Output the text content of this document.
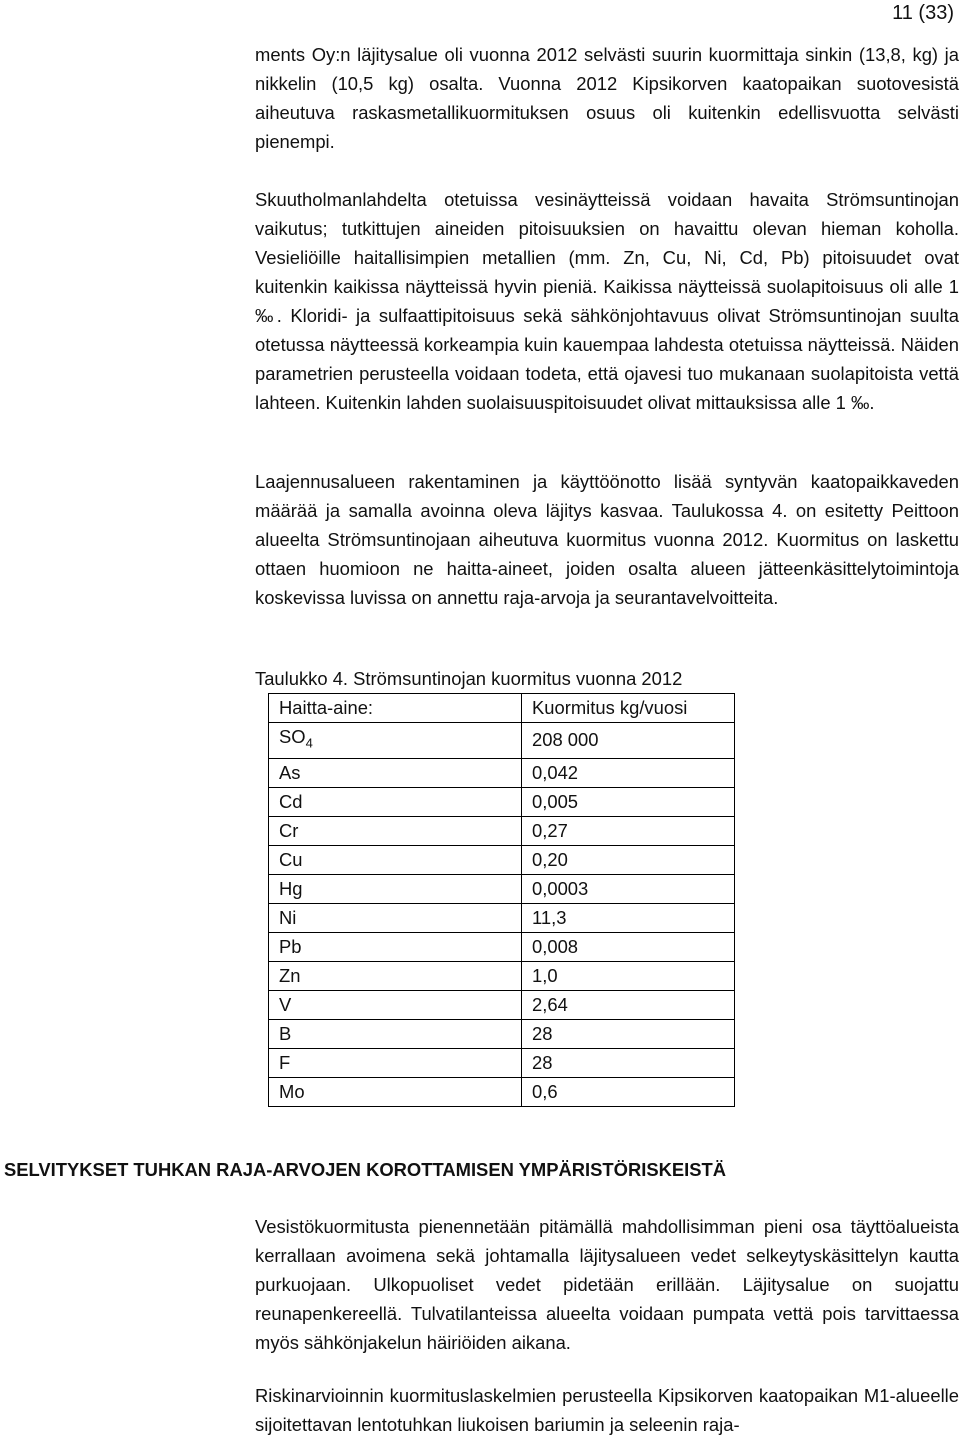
11 (33)

ments Oy:n läjitysalue oli vuonna 2012 selvästi suurin kuormittaja sinkin (13,8, kg) ja nikkelin (10,5 kg) osalta. Vuonna 2012 Kipsikorven kaatopaikan suotovesistä aiheutuva raskasmetallikuormituksen osuus oli kuitenkin edellisvuotta selvästi pienempi.

Skuutholmanlahdelta otetuissa vesinäytteissä voidaan havaita Strömsuntinojan vaikutus; tutkittujen aineiden pitoisuuksien on havaittu olevan hieman koholla. Vesieliöille haitallisimpien metallien (mm. Zn, Cu, Ni, Cd, Pb) pitoisuudet ovat kuitenkin kaikissa näytteissä hyvin pieniä. Kaikissa näytteissä suolapitoisuus oli alle 1 ‰. Kloridi- ja sulfaattipitoisuus sekä sähkönjohtavuus olivat Strömsuntinojan suulta otetussa näytteessä korkeampia kuin kauempaa lahdesta otetuissa näytteissä. Näiden parametrien perusteella voidaan todeta, että ojavesi tuo mukanaan suolapitoista vettä lahteen. Kuitenkin lahden suolaisuuspitoisuudet olivat mittauksissa alle 1 ‰.

Laajennusalueen rakentaminen ja käyttöönotto lisää syntyvän kaatopaikkaveden määrää ja samalla avoinna oleva läjitys kasvaa. Taulukossa 4. on esitetty Peittoon alueelta Strömsuntinojaan aiheutuva kuormitus vuonna 2012. Kuormitus on laskettu ottaen huomioon ne haitta-aineet, joiden osalta alueen jätteenkäsittelytoimintoja koskevissa luvissa on annettu raja-arvoja ja seurantavelvoitteita.

Taulukko 4. Strömsuntinojan kuormitus vuonna 2012
Haitta-aine:	Kuormitus kg/vuosi
$SO_4$	208 000
As	0,042
Cd	0,005
Cr	0,27
Cu	0,20
Hg	0,0003
Ni	11,3
Pb	0,008
Zn	1,0
V	2,64
B	28
F	28
Mo	0,6
SELVITYKSET TUHKAN RAJA-ARVOJEN KOROTTAMISEN YMPÄRISTÖRISKEISTÄ

Vesistökuormitusta pienennetään pitämällä mahdollisimman pieni osa täyttöalueista kerrallaan avoimena sekä johtamalla läjitysalueen vedet selkeytyskäsittelyn kautta purkuojaan. Ulkopuoliset vedet pidetään erillään. Läjitysalue on suojattu reunapenkereellä. Tulvatilanteissa alueelta voidaan pumpata vettä pois tarvittaessa myös sähkönjakelun häiriöiden aikana.

Riskinarvioinnin kuormituslaskelmien perusteella Kipsikorven kaatopaikan M1-alueelle sijoitettavan lentotuhkan liukoisen bariumin ja seleenin raja-
